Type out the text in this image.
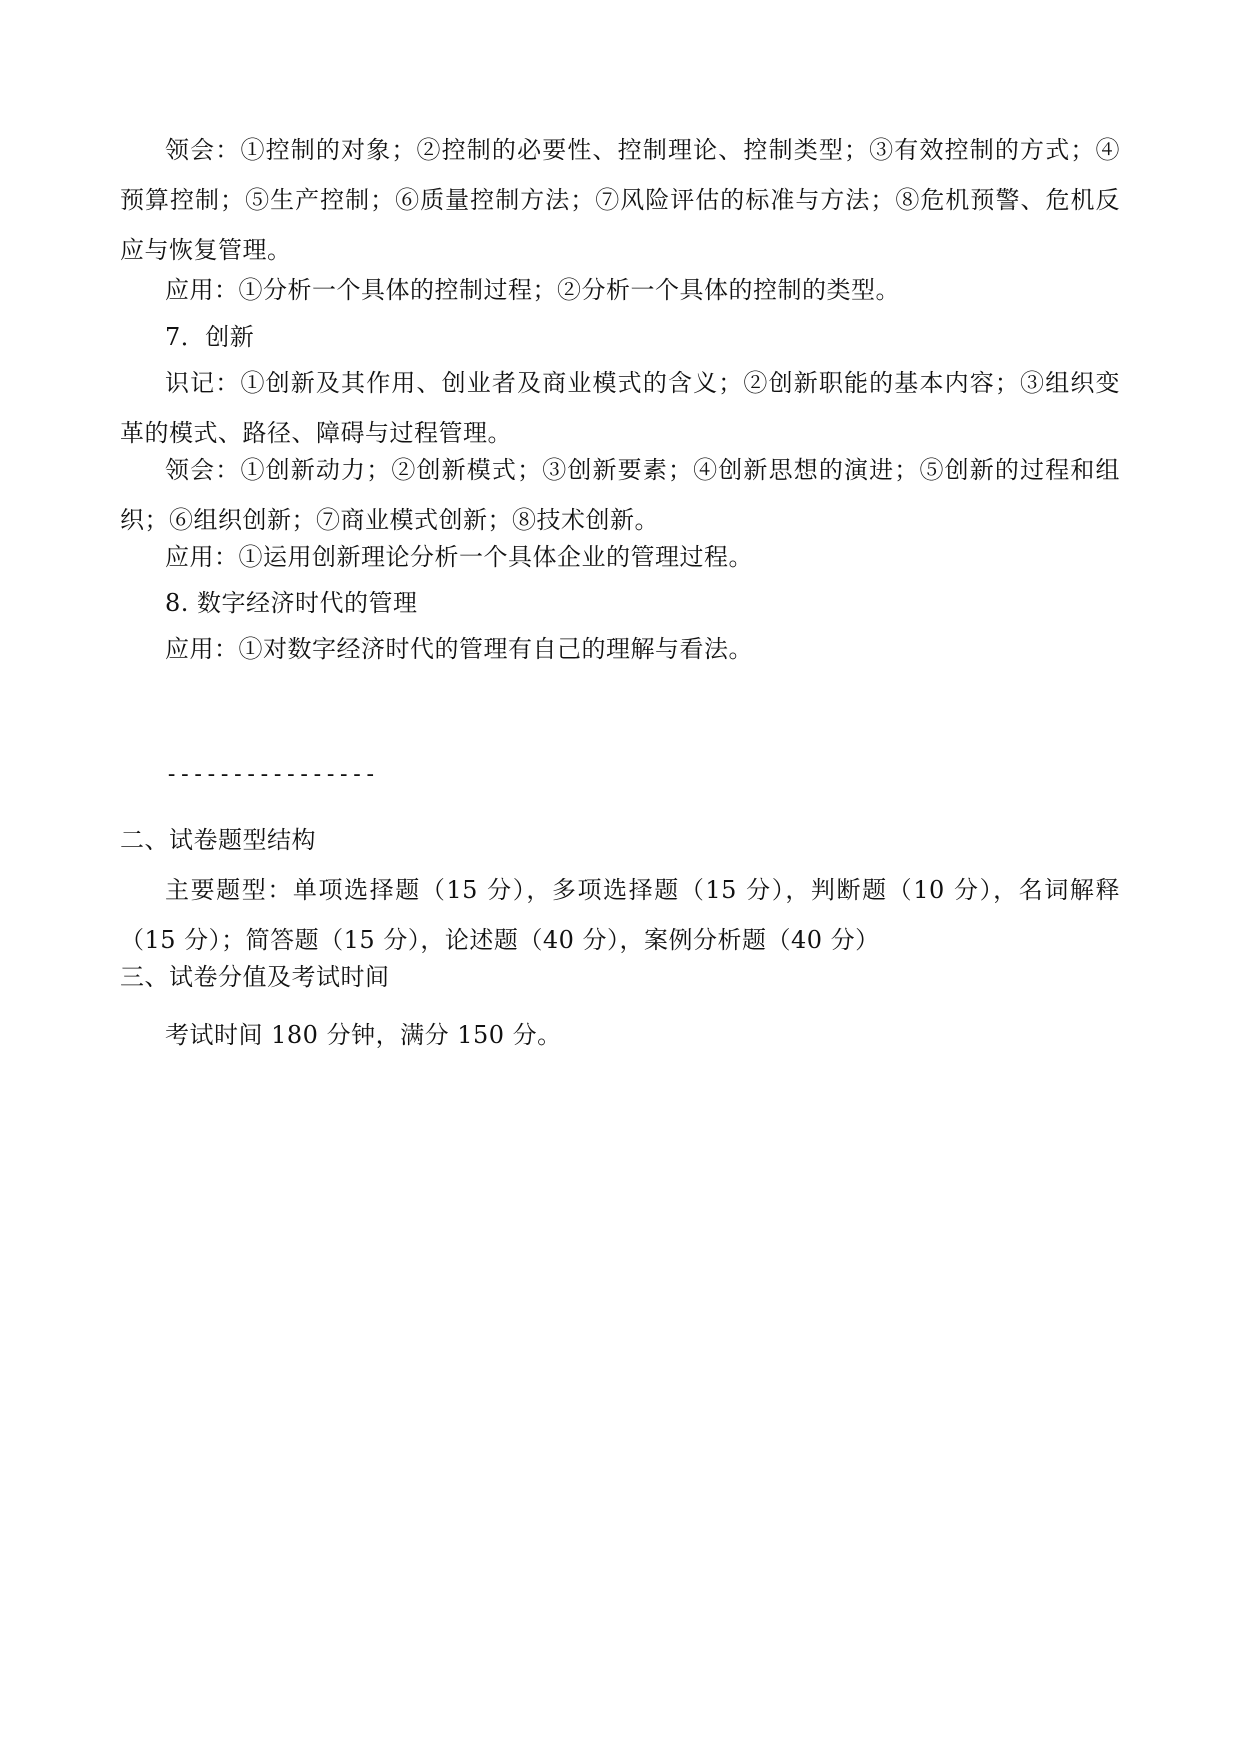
领会：①控制的对象；②控制的必要性、控制理论、控制类型；③有效控制的方式；④预算控制；⑤生产控制；⑥质量控制方法；⑦风险评估的标准与方法；⑧危机预警、危机反应与恢复管理。

应用：①分析一个具体的控制过程；②分析一个具体的控制的类型。

7．创新

识记：①创新及其作用、创业者及商业模式的含义；②创新职能的基本内容；③组织变革的模式、路径、障碍与过程管理。

领会：①创新动力；②创新模式；③创新要素；④创新思想的演进；⑤创新的过程和组织；⑥组织创新；⑦商业模式创新；⑧技术创新。

应用：①运用创新理论分析一个具体企业的管理过程。

8. 数字经济时代的管理

应用：①对数字经济时代的管理有自己的理解与看法。

----------------

二、试卷题型结构

主要题型：单项选择题（15 分），多项选择题（15 分），判断题（10 分），名词解释（15 分）；简答题（15 分），论述题（40 分），案例分析题（40 分）

三、试卷分值及考试时间

考试时间 180 分钟，满分 150 分。
